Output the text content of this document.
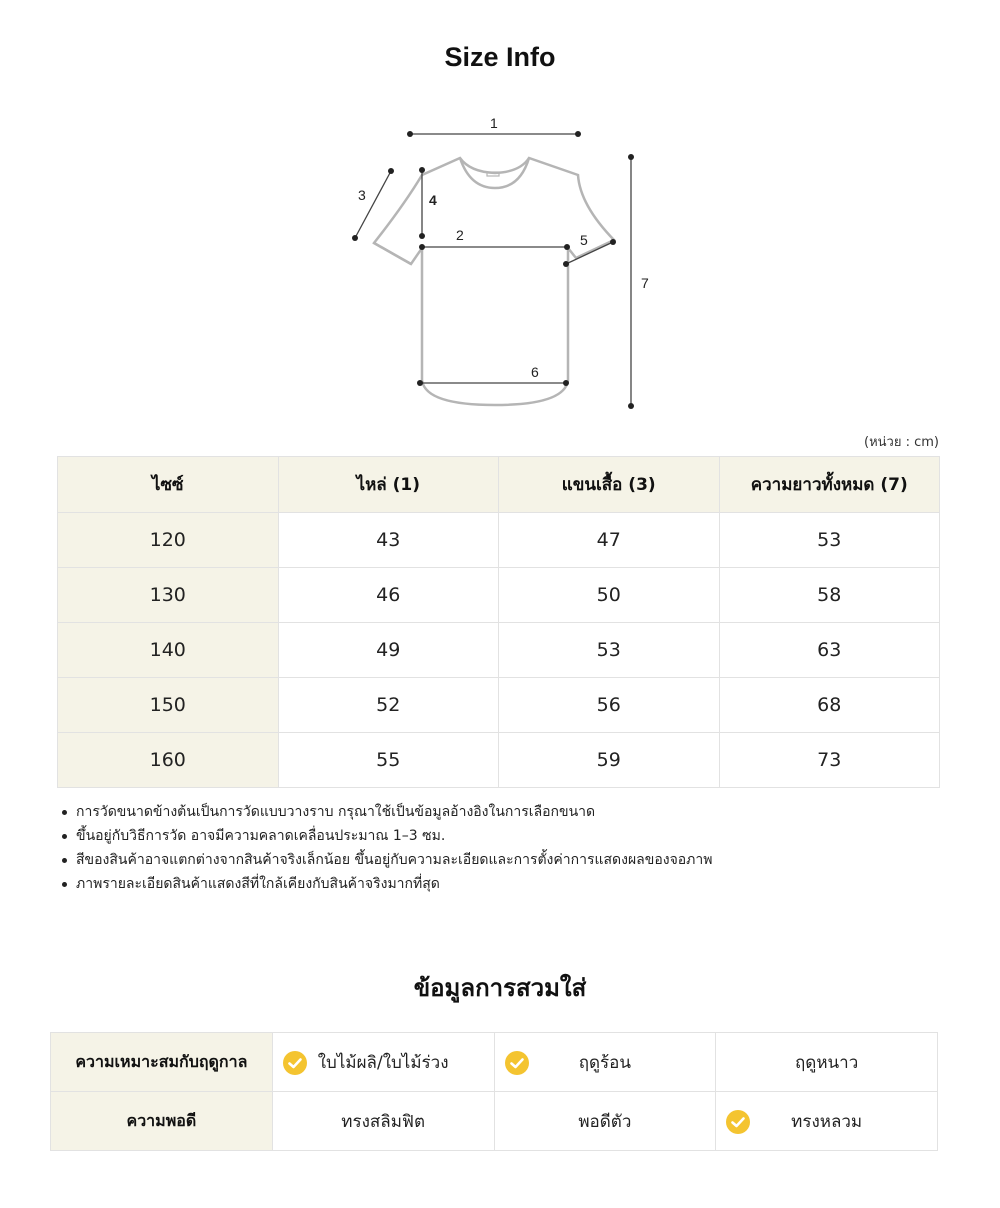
Size Info
1
2
3	4
5
6
7
(หน่วย : cm)
ไซซ์	ไหล่ (1)	แขนเสื้อ (3)	ความยาวทั้งหมด (7)
120	43	47	53
130	46	50	58
140	49	53	63
150	52	56	68
160	55	59	73
การวัดขนาดข้างต้นเป็นการวัดแบบวางราบ กรุณาใช้เป็นข้อมูลอ้างอิงในการเลือกขนาด
ขึ้นอยู่กับวิธีการวัด อาจมีความคลาดเคลื่อนประมาณ 1–3 ซม.
สีของสินค้าอาจแตกต่างจากสินค้าจริงเล็กน้อย ขึ้นอยู่กับความละเอียดและการตั้งค่าการแสดงผลของจอภาพ
ภาพรายละเอียดสินค้าแสดงสีที่ใกล้เคียงกับสินค้าจริงมากที่สุด
ข้อมูลการสวมใส่
ความเหมาะสมกับฤดูกาล	ใบไม้ผลิ/ใบไม้ร่วง	ฤดูร้อน	ฤดูหนาว
ความพอดี	ทรงสลิมฟิต	พอดีตัว	ทรงหลวม
